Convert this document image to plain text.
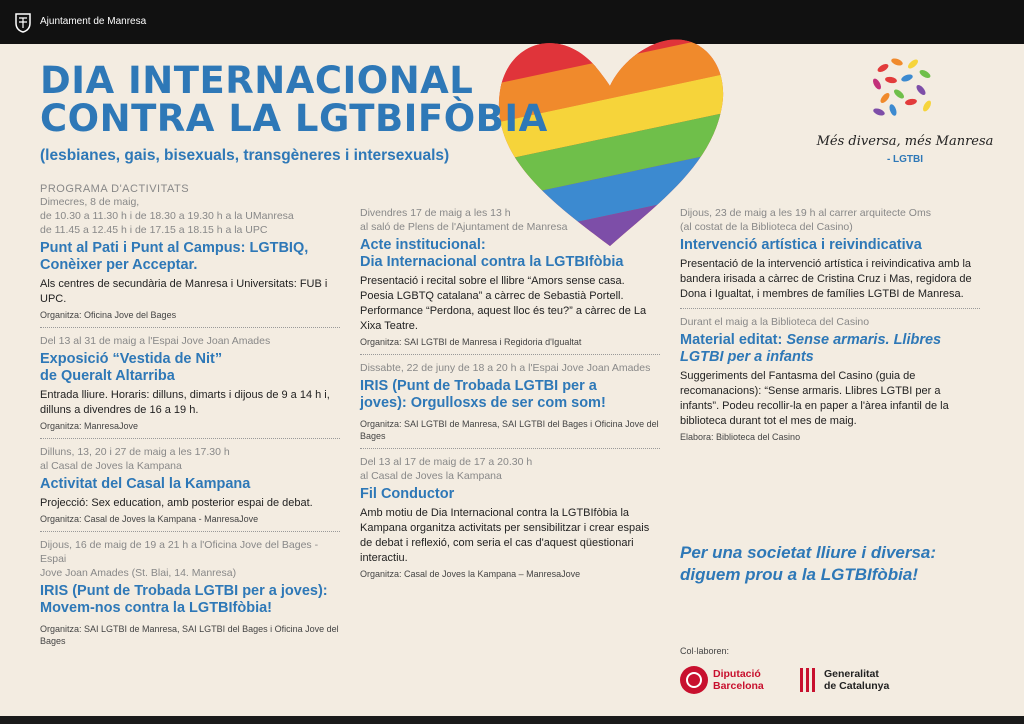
Ajuntament de Manresa
DIA INTERNACIONAL
CONTRA LA LGTBIFÒBIA
(lesbianes, gais, bisexuals, transgèneres i intersexuals)
Més diversa, més Manresa
- LGTBI
PROGRAMA D'ACTIVITATS
Dimecres, 8 de maig,
de 10.30 a 11.30 h i de 18.30 a 19.30 h a la UManresa
de 11.45 a 12.45 h i de 17.15 a 18.15 h a la UPC
Punt al Pati i Punt al Campus: LGTBIQ,
Conèixer per Acceptar.
Als centres de secundària de Manresa i Universitats: FUB i UPC.
Organitza: Oficina Jove del Bages
Del 13 al 31 de maig a l'Espai Jove Joan Amades
Exposició “Vestida de Nit”
de Queralt Altarriba
Entrada lliure. Horaris: dilluns, dimarts i dijous de 9 a 14 h i, dilluns a divendres de 16 a 19 h.
Organitza: ManresaJove
Dilluns, 13, 20 i 27 de maig a les 17.30 h
al Casal de Joves la Kampana
Activitat del Casal la Kampana
Projecció: Sex education, amb posterior espai de debat.
Organitza: Casal de Joves la Kampana - ManresaJove
Dijous, 16 de maig de 19 a 21 h a l'Oficina Jove del Bages - Espai
Jove Joan Amades (St. Blai, 14. Manresa)
IRIS (Punt de Trobada LGTBI per a joves):
Movem-nos contra la LGTBIfòbia!
Organitza: SAI LGTBI de Manresa, SAI LGTBI del Bages i Oficina Jove del Bages
Divendres 17 de maig a les 13 h
al saló de Plens de l'Ajuntament de Manresa
Acte institucional:
Dia Internacional contra la LGTBIfòbia
Presentació i recital sobre el llibre “Amors sense casa. Poesia LGBTQ catalana” a càrrec de Sebastià Portell. Performance “Perdona, aquest lloc és teu?” a càrrec de La Xixa Teatre.
Organitza: SAI LGTBI de Manresa i Regidoria d'Igualtat
Dissabte, 22 de juny de 18 a 20 h a l'Espai Jove Joan Amades
IRIS (Punt de Trobada LGTBI per a
joves): Orgullosxs de ser com som!
Organitza: SAI LGTBI de Manresa, SAI LGTBI del Bages i Oficina Jove del Bages
Del 13 al 17 de maig de 17 a 20.30 h
al Casal de Joves la Kampana
Fil Conductor
Amb motiu de Dia Internacional contra la LGTBIfòbia la Kampana organitza activitats per sensibilitzar i crear espais de debat i reflexió, com seria el cas d'aquest qüestionari interactiu.
Organitza: Casal de Joves la Kampana – ManresaJove
Dijous, 23 de maig a les 19 h al carrer arquitecte Oms
(al costat de la Biblioteca del Casino)
Intervenció artística i reivindicativa
Presentació de la intervenció artística i reivindicativa amb la bandera irisada a càrrec de Cristina Cruz i Mas, regidora de Dona i Igualtat, i membres de famílies LGTBI de Manresa.
Durant el maig a la Biblioteca del Casino
Material editat: Sense armaris. Llibres LGTBI per a infants
Suggeriments del Fantasma del Casino (guia de recomanacions): “Sense armaris. Llibres LGTBI per a infants”. Podeu recollir-la en paper a l'àrea infantil de la biblioteca durant tot el mes de maig.
Elabora: Biblioteca del Casino
Per una societat lliure i diversa:
diguem prou a la LGTBIfòbia!
Col·laboren:
Diputació
Barcelona
Generalitat
de Catalunya
